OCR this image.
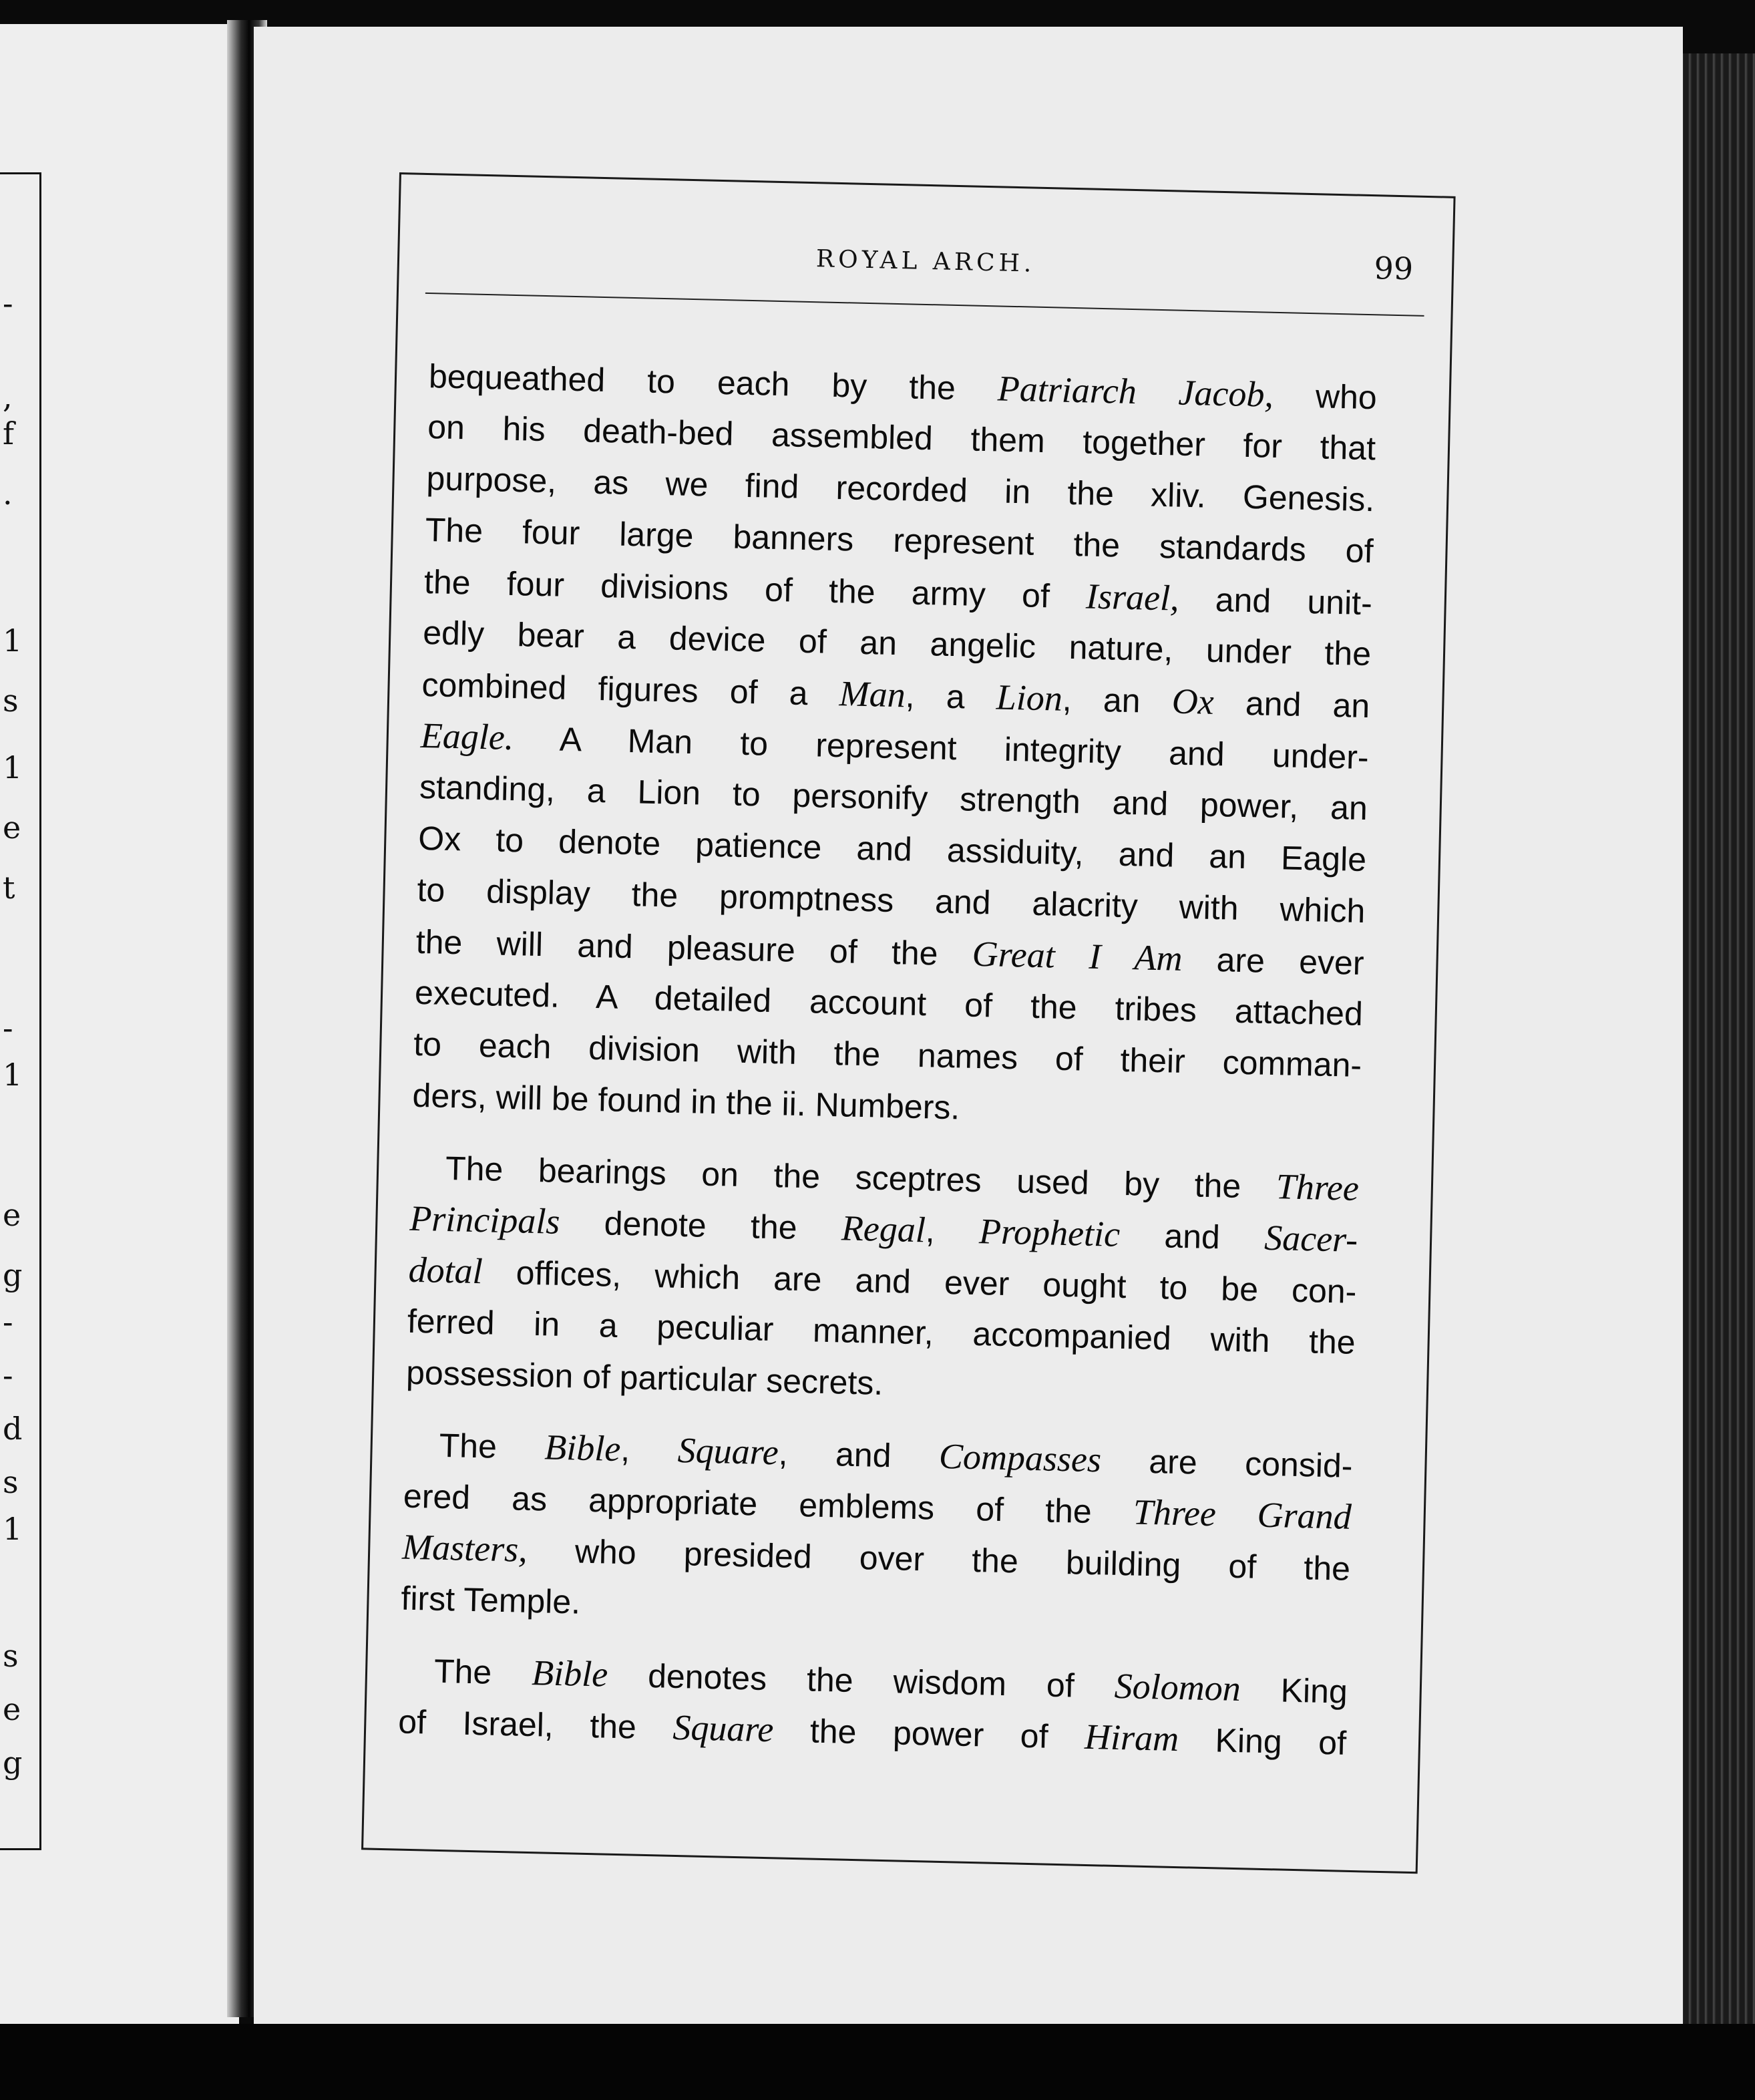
-
,
f
.
1
s
1
e
t
-
1
e
g
-
-
d
s
1
s
e
g
ROYAL ARCH.	99
bequeathed to each by the Patriarch Jacob, who
on his death-bed assembled them together for that
purpose, as we find recorded in the xliv. Genesis.
The four large banners represent the standards of
the four divisions of the army of Israel, and unit-
edly bear a device of an angelic nature, under the
combined figures of a Man, a Lion, an Ox and an
Eagle. A Man to represent integrity and under-
standing, a Lion to personify strength and power, an
Ox to denote patience and assiduity, and an Eagle
to display the promptness and alacrity with which
the will and pleasure of the Great I Am are ever
executed. A detailed account of the tribes attached
to each division with the names of their comman-
ders, will be found in the ii. Numbers.
The bearings on the sceptres used by the Three
Principals denote the Regal, Prophetic and Sacer-
dotal offices, which are and ever ought to be con-
ferred in a peculiar manner, accompanied with the
possession of particular secrets.
The Bible, Square, and Compasses are consid-
ered as appropriate emblems of the Three Grand
Masters, who presided over the building of the
first Temple.
The Bible denotes the wisdom of Solomon King
of Israel, the Square the power of Hiram King of
